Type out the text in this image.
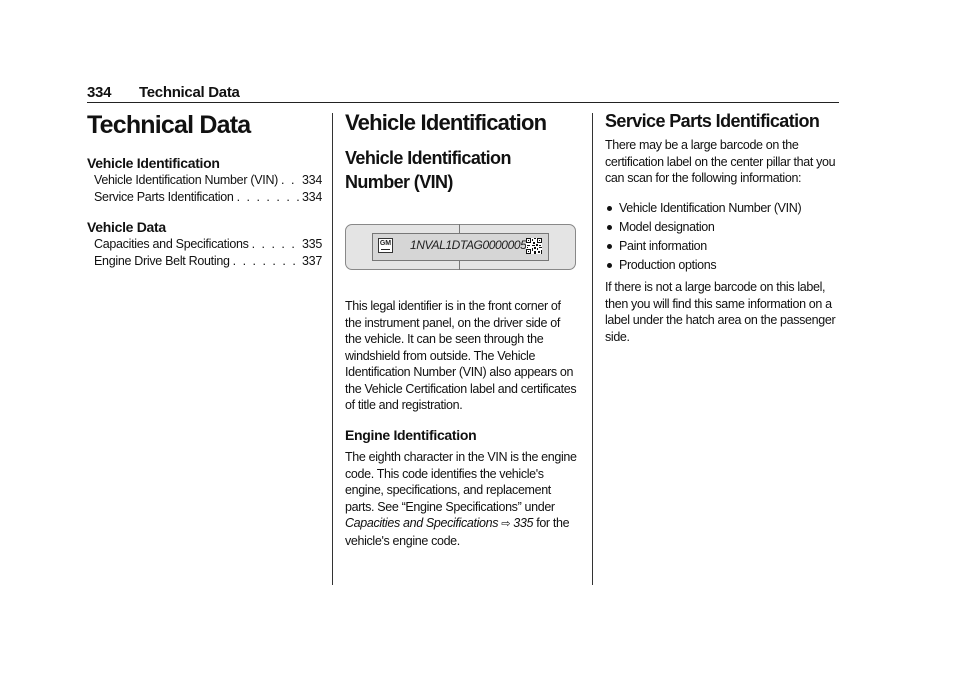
334 Technical Data
Technical Data
Vehicle Identification
Vehicle Identification Number (VIN) . . . 334
Service Parts Identification . . .	334
Vehicle Data
Capacities and Specifications . . .	335
Engine Drive Belt Routing . . .	337
Vehicle Identification
Vehicle Identification
Number (VIN)
GM 1NVAL1DTAG0000005

This legal identifier is in the front corner of the instrument panel, on the driver side of the vehicle. It can be seen through the windshield from outside. The Vehicle Identification Number (VIN) also appears on the Vehicle Certification label and certificates of title and registration.

Engine Identification

The eighth character in the VIN is the engine code. This code identifies the vehicle's engine, specifications, and replacement parts. See “Engine Specifications” under Capacities and Specifications ⇨ 335 for the vehicle's engine code.

Service Parts Identification

There may be a large barcode on the certification label on the center pillar that you can scan for the following information:

Vehicle Identification Number (VIN)
Model designation
Paint information
Production options

If there is not a large barcode on this label, then you will find this same information on a label under the hatch area on the passenger side.
